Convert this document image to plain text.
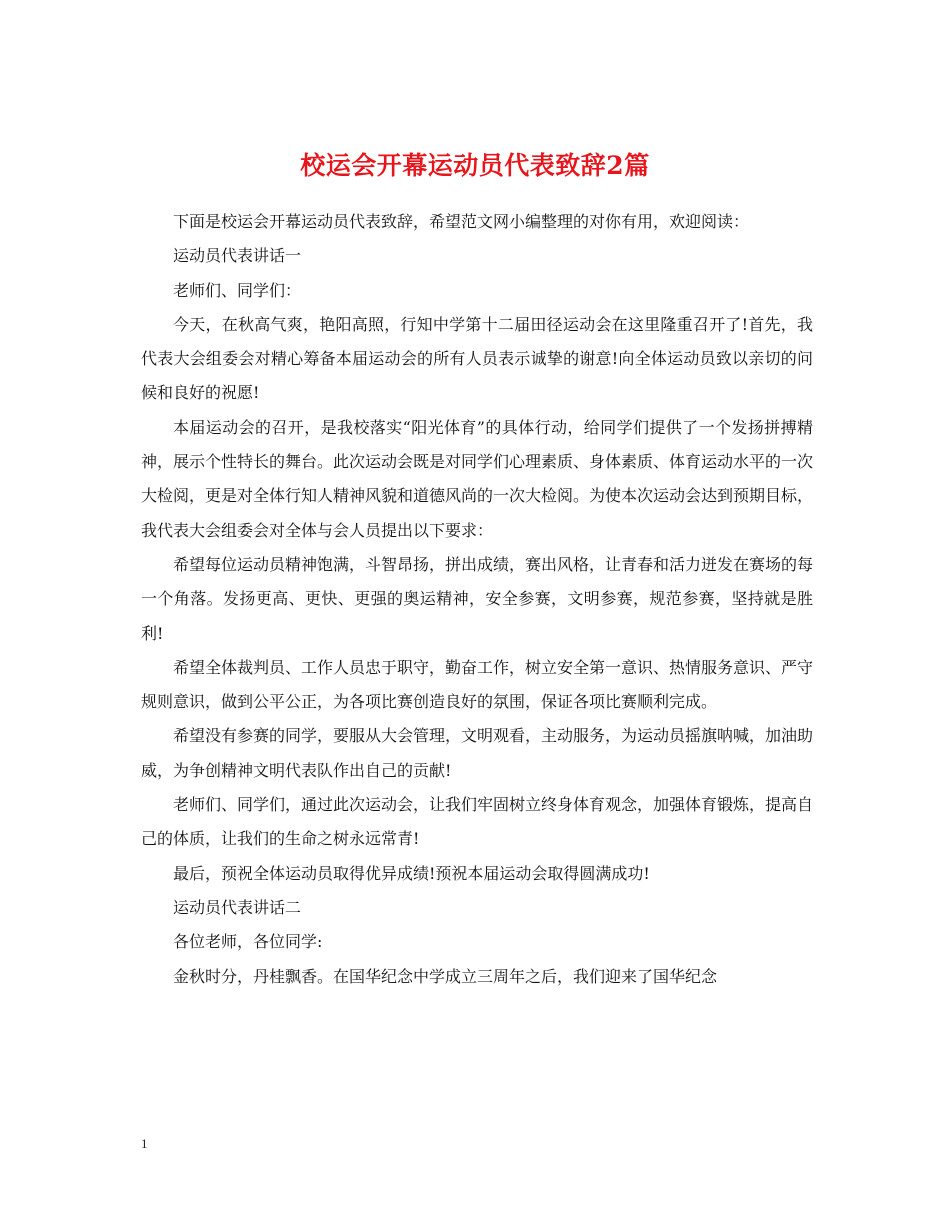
校运会开幕运动员代表致辞2篇

下面是校运会开幕运动员代表致辞，希望范文网小编整理的对你有用，欢迎阅读：

运动员代表讲话一

老师们、同学们：

今天，在秋高气爽，艳阳高照，行知中学第十二届田径运动会在这里隆重召开了!首先，我代表大会组委会对精心筹备本届运动会的所有人员表示诚挚的谢意!向全体运动员致以亲切的问候和良好的祝愿!

本届运动会的召开，是我校落实“阳光体育”的具体行动，给同学们提供了一个发扬拼搏精神，展示个性特长的舞台。此次运动会既是对同学们心理素质、身体素质、体育运动水平的一次大检阅，更是对全体行知人精神风貌和道德风尚的一次大检阅。为使本次运动会达到预期目标，我代表大会组委会对全体与会人员提出以下要求：

希望每位运动员精神饱满，斗智昂扬，拼出成绩，赛出风格，让青春和活力迸发在赛场的每一个角落。发扬更高、更快、更强的奥运精神，安全参赛，文明参赛，规范参赛，坚持就是胜利!

希望全体裁判员、工作人员忠于职守，勤奋工作，树立安全第一意识、热情服务意识、严守规则意识，做到公平公正，为各项比赛创造良好的氛围，保证各项比赛顺利完成。

希望没有参赛的同学，要服从大会管理，文明观看，主动服务，为运动员摇旗呐喊，加油助威，为争创精神文明代表队作出自己的贡献!

老师们、同学们，通过此次运动会，让我们牢固树立终身体育观念，加强体育锻炼，提高自己的体质，让我们的生命之树永远常青!

最后，预祝全体运动员取得优异成绩!预祝本届运动会取得圆满成功!

运动员代表讲话二

各位老师，各位同学:

金秋时分，丹桂飘香。在国华纪念中学成立三周年之后，我们迎来了国华纪念

1
